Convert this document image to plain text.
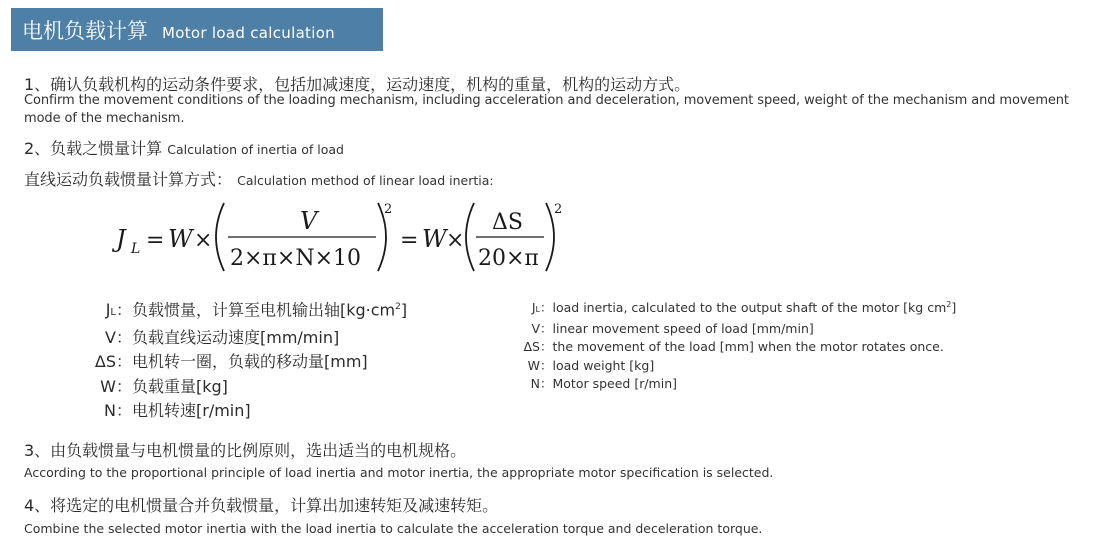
电机负载计算 Motor load calculation
1、确认负载机构的运动条件要求，包括加减速度，运动速度，机构的重量，机构的运动方式。
Confirm the movement conditions of the loading mechanism, including acceleration and deceleration, movement speed, weight of the mechanism and movement
mode of the mechanism.
2、负载之惯量计算 Calculation of inertia of load
直线运动负载惯量计算方式： Calculation method of linear load inertia:
J L = W ×
V
2×π×N×10
2
= W ×
ΔS
20×π
2
JL：负载惯量，计算至电机输出轴$[kg\cdot cm^2]$
V：负载直线运动速度[mm/min]
ΔS：电机转一圈，负载的移动量[mm]
W：负载重量[kg]
N：电机转速[r/min]
JL：load inertia, calculated to the output shaft of the motor [kg $cm^2$]
V：linear movement speed of load [mm/min]
ΔS：the movement of the load [mm] when the motor rotates once.
W：load weight [kg]
N：Motor speed [r/min]
3、由负载惯量与电机惯量的比例原则，选出适当的电机规格。
According to the proportional principle of load inertia and motor inertia, the appropriate motor specification is selected.
4、将选定的电机惯量合并负载惯量，计算出加速转矩及减速转矩。
Combine the selected motor inertia with the load inertia to calculate the acceleration torque and deceleration torque.
